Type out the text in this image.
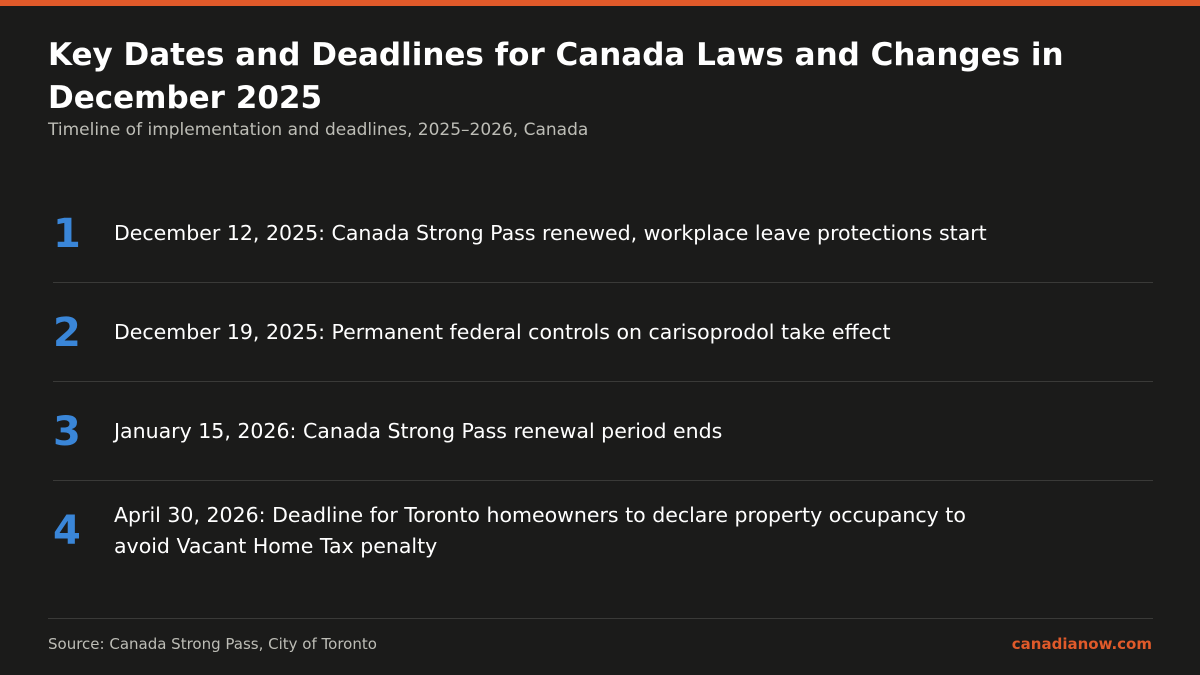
Key Dates and Deadlines for Canada Laws and Changes in December 2025

Timeline of implementation and deadlines, 2025–2026, Canada

1	December 12, 2025: Canada Strong Pass renewed, workplace leave protections start
2	December 19, 2025: Permanent federal controls on carisoprodol take effect
3	January 15, 2026: Canada Strong Pass renewal period ends
4	April 30, 2026: Deadline for Toronto homeowners to declare property occupancy to avoid Vacant Home Tax penalty
Source: Canada Strong Pass, City of Toronto	canadianow.com
